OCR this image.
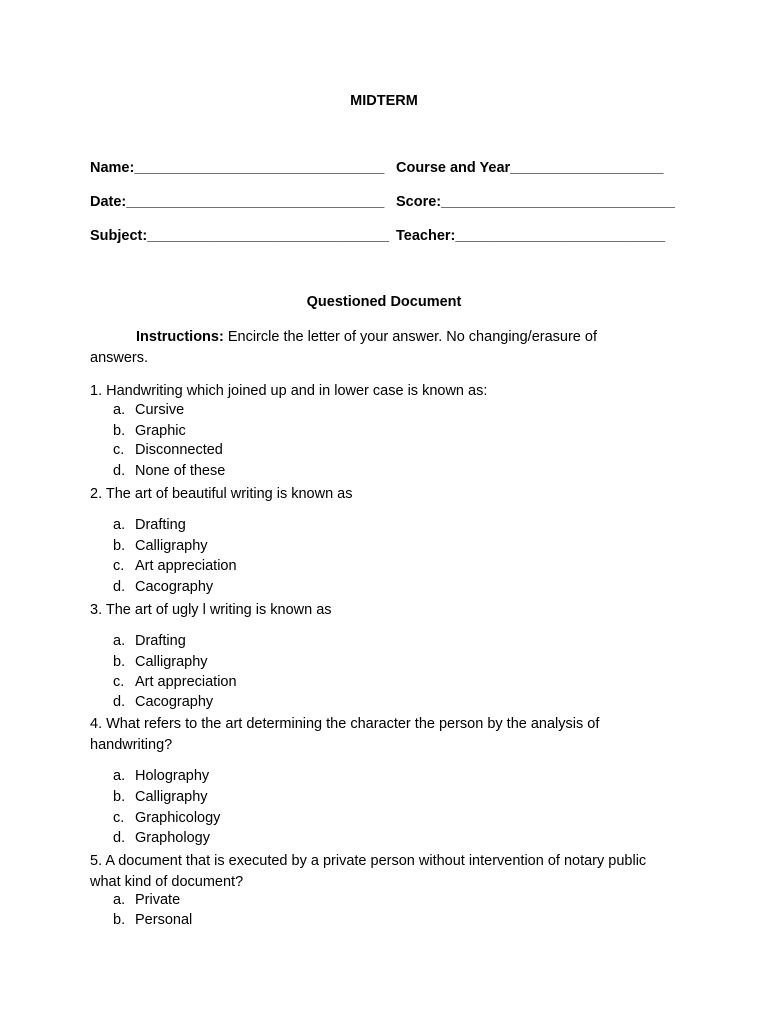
MIDTERM
Name:_______________________________ Course and Year___________________
Date:________________________________ Score:_____________________________
Subject:______________________________ Teacher:__________________________
Questioned Document
Instructions: Encircle the letter of your answer. No changing/erasure of answers.
1. Handwriting which joined up and in lower case is known as:
a. Cursive
b. Graphic
c. Disconnected
d. None of these
2. The art of beautiful writing is known as
a. Drafting
b. Calligraphy
c. Art appreciation
d. Cacography
3. The art of ugly l writing is known as
a. Drafting
b. Calligraphy
c. Art appreciation
d. Cacography
4. What refers to the art determining the character the person by the analysis of handwriting?
a. Holography
b. Calligraphy
c. Graphicology
d. Graphology
5. A document that is executed by a private person without intervention of notary public what kind of document?
a. Private
b. Personal
